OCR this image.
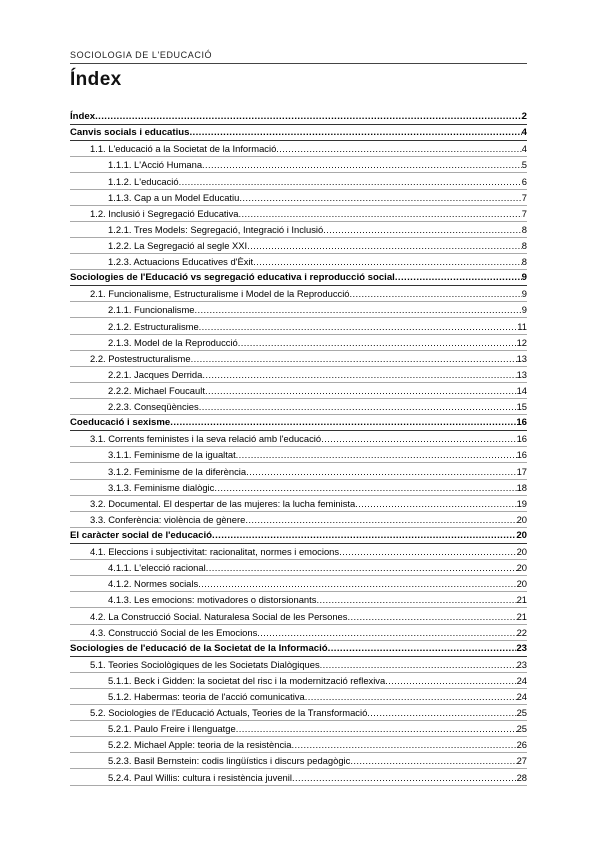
SOCIOLOGIA DE L'EDUCACIÓ
Índex
Índex .....	2
Canvis socials i educatius .....	4
1.1. L'educació a la Societat de la Informació .....	4
1.1.1. L'Acció Humana .....	5
1.1.2. L'educació .....	6
1.1.3. Cap a un Model Educatiu .....	7
1.2. Inclusió i Segregació Educativa .....	7
1.2.1. Tres Models: Segregació, Integració i Inclusió .....	8
1.2.2. La Segregació al segle XXI .....	8
1.2.3. Actuacions Educatives d'Èxit .....	8
Sociologies de l'Educació vs segregació educativa i reproducció social .....	9
2.1. Funcionalisme, Estructuralisme i Model de la Reproducció .....	9
2.1.1. Funcionalisme .....	9
2.1.2. Estructuralisme .....	11
2.1.3. Model de la Reproducció .....	12
2.2. Postestructuralisme .....	13
2.2.1. Jacques Derrida .....	13
2.2.2. Michael Foucault .....	14
2.2.3. Conseqüències .....	15
Coeducació i sexisme .....	16
3.1. Corrents feministes i la seva relació amb l'educació .....	16
3.1.1. Feminisme de la igualtat .....	16
3.1.2. Feminisme de la diferència .....	17
3.1.3. Feminisme dialògic .....	18
3.2. Documental. El despertar de las mujeres: la lucha feminista .....	19
3.3. Conferència: violència de gènere .....	20
El caràcter social de l'educació .....	20
4.1. Eleccions i subjectivitat: racionalitat, normes i emocions .....	20
4.1.1. L'elecció racional .....	20
4.1.2. Normes socials .....	20
4.1.3. Les emocions: motivadores o distorsionants .....	21
4.2. La Construcció Social. Naturalesa Social de les Persones .....	21
4.3. Construcció Social de les Emocions .....	22
Sociologies de l'educació de la Societat de la Informació .....	23
5.1. Teories Sociològiques de les Societats Dialògiques .....	23
5.1.1. Beck i Gidden: la societat del risc i la modernització reflexiva .....	24
5.1.2. Habermas: teoria de l'acció comunicativa .....	24
5.2. Sociologies de l'Educació Actuals, Teories de la Transformació .....	25
5.2.1. Paulo Freire i llenguatge .....	25
5.2.2. Michael Apple: teoria de la resistència .....	26
5.2.3. Basil Bernstein: codis lingüístics i discurs pedagògic .....	27
5.2.4. Paul Willis: cultura i resistència juvenil .....	28
